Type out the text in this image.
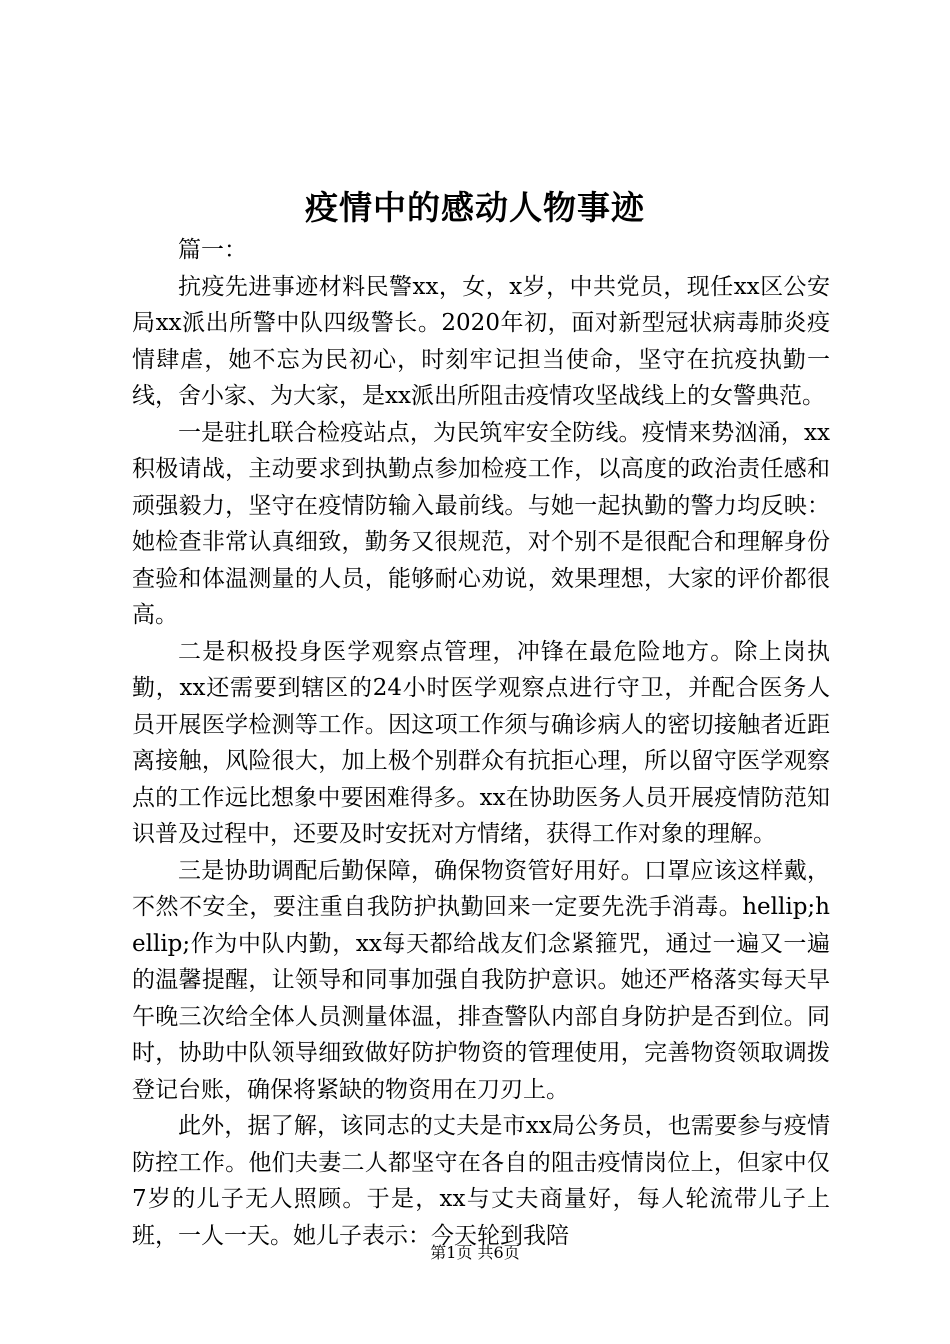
疫情中的感动人物事迹

篇一：

抗疫先进事迹材料民警xx，女，x岁，中共党员，现任xx区公安局xx派出所警中队四级警长。2020年初，面对新型冠状病毒肺炎疫情肆虐，她不忘为民初心，时刻牢记担当使命，坚守在抗疫执勤一线，舍小家、为大家，是xx派出所阻击疫情攻坚战线上的女警典范。

一是驻扎联合检疫站点，为民筑牢安全防线。疫情来势汹涌，xx积极请战，主动要求到执勤点参加检疫工作，以高度的政治责任感和顽强毅力，坚守在疫情防输入最前线。与她一起执勤的警力均反映：她检查非常认真细致，勤务又很规范，对个别不是很配合和理解身份查验和体温测量的人员，能够耐心劝说，效果理想，大家的评价都很高。

二是积极投身医学观察点管理，冲锋在最危险地方。除上岗执勤，xx还需要到辖区的24小时医学观察点进行守卫，并配合医务人员开展医学检测等工作。因这项工作须与确诊病人的密切接触者近距离接触，风险很大，加上极个别群众有抗拒心理，所以留守医学观察点的工作远比想象中要困难得多。xx在协助医务人员开展疫情防范知识普及过程中，还要及时安抚对方情绪，获得工作对象的理解。

三是协助调配后勤保障，确保物资管好用好。口罩应该这样戴，不然不安全，要注重自我防护执勤回来一定要先洗手消毒。hellip;hellip;作为中队内勤，xx每天都给战友们念紧箍咒，通过一遍又一遍的温馨提醒，让领导和同事加强自我防护意识。她还严格落实每天早午晚三次给全体人员测量体温，排查警队内部自身防护是否到位。同时，协助中队领导细致做好防护物资的管理使用，完善物资领取调拨登记台账，确保将紧缺的物资用在刀刃上。

此外，据了解，该同志的丈夫是市xx局公务员，也需要参与疫情防控工作。他们夫妻二人都坚守在各自的阻击疫情岗位上，但家中仅7岁的儿子无人照顾。于是，xx与丈夫商量好，每人轮流带儿子上班，一人一天。她儿子表示：今天轮到我陪

第1页 共6页
